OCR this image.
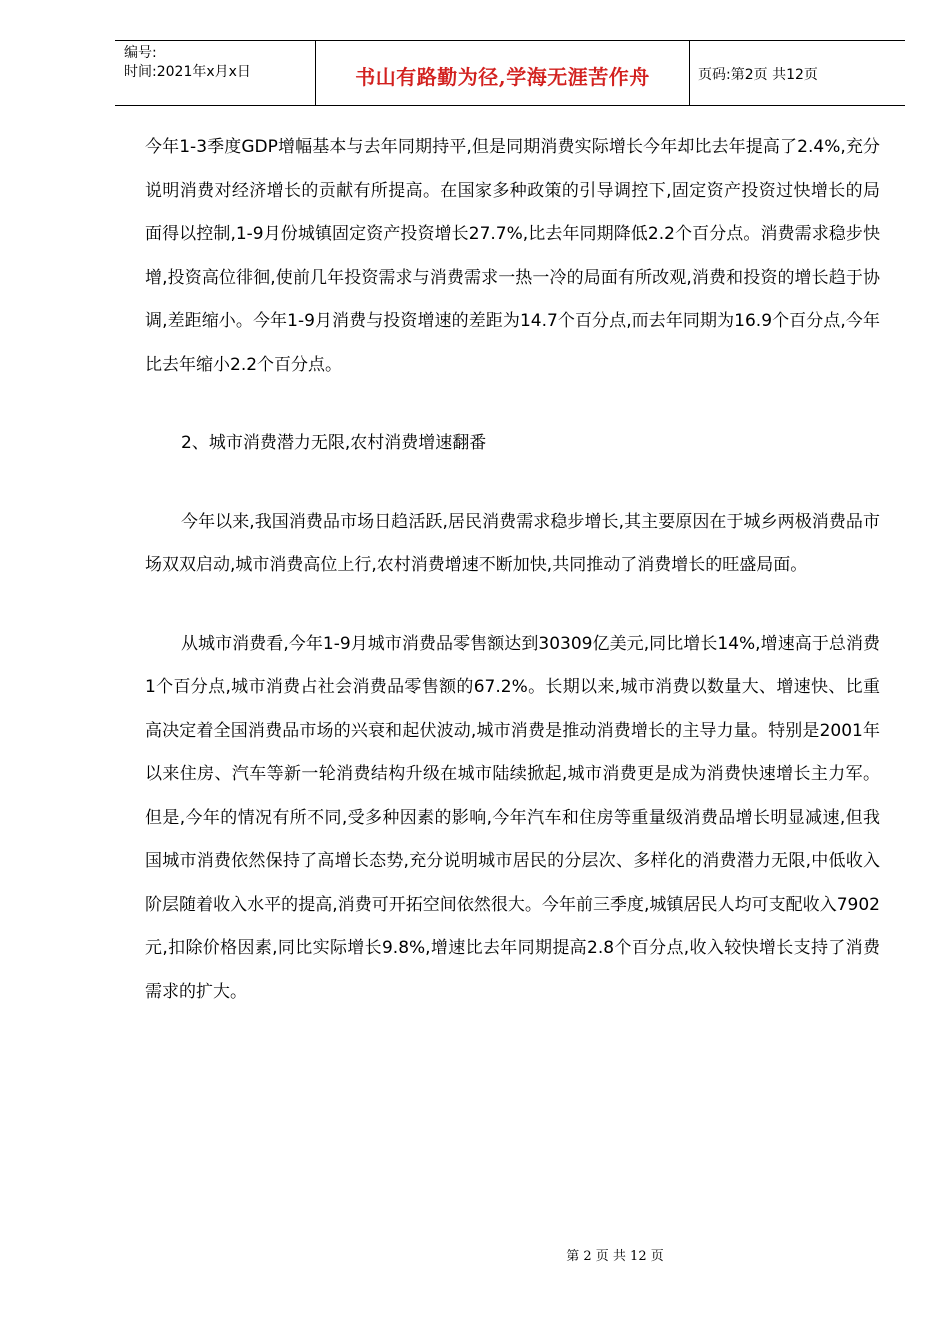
编号:
时间:2021年x月x日	书山有路勤为径,学海无涯苦作舟	页码:第2页 共12页

今年1-3季度GDP增幅基本与去年同期持平,但是同期消费实际增长今年却比去年提高了2.4%,充分说明消费对经济增长的贡献有所提高。在国家多种政策的引导调控下,固定资产投资过快增长的局面得以控制,1-9月份城镇固定资产投资增长27.7%,比去年同期降低2.2个百分点。消费需求稳步快增,投资高位徘徊,使前几年投资需求与消费需求一热一冷的局面有所改观,消费和投资的增长趋于协调,差距缩小。今年1-9月消费与投资增速的差距为14.7个百分点,而去年同期为16.9个百分点,今年比去年缩小2.2个百分点。

2、城市消费潜力无限,农村消费增速翻番

今年以来,我国消费品市场日趋活跃,居民消费需求稳步增长,其主要原因在于城乡两极消费品市场双双启动,城市消费高位上行,农村消费增速不断加快,共同推动了消费增长的旺盛局面。

从城市消费看,今年1-9月城市消费品零售额达到30309亿美元,同比增长14%,增速高于总消费1个百分点,城市消费占社会消费品零售额的67.2%。长期以来,城市消费以数量大、增速快、比重高决定着全国消费品市场的兴衰和起伏波动,城市消费是推动消费增长的主导力量。特别是2001年以来住房、汽车等新一轮消费结构升级在城市陆续掀起,城市消费更是成为消费快速增长主力军。但是,今年的情况有所不同,受多种因素的影响,今年汽车和住房等重量级消费品增长明显减速,但我国城市消费依然保持了高增长态势,充分说明城市居民的分层次、多样化的消费潜力无限,中低收入阶层随着收入水平的提高,消费可开拓空间依然很大。今年前三季度,城镇居民人均可支配收入7902元,扣除价格因素,同比实际增长9.8%,增速比去年同期提高2.8个百分点,收入较快增长支持了消费需求的扩大。

第 2 页 共 12 页
